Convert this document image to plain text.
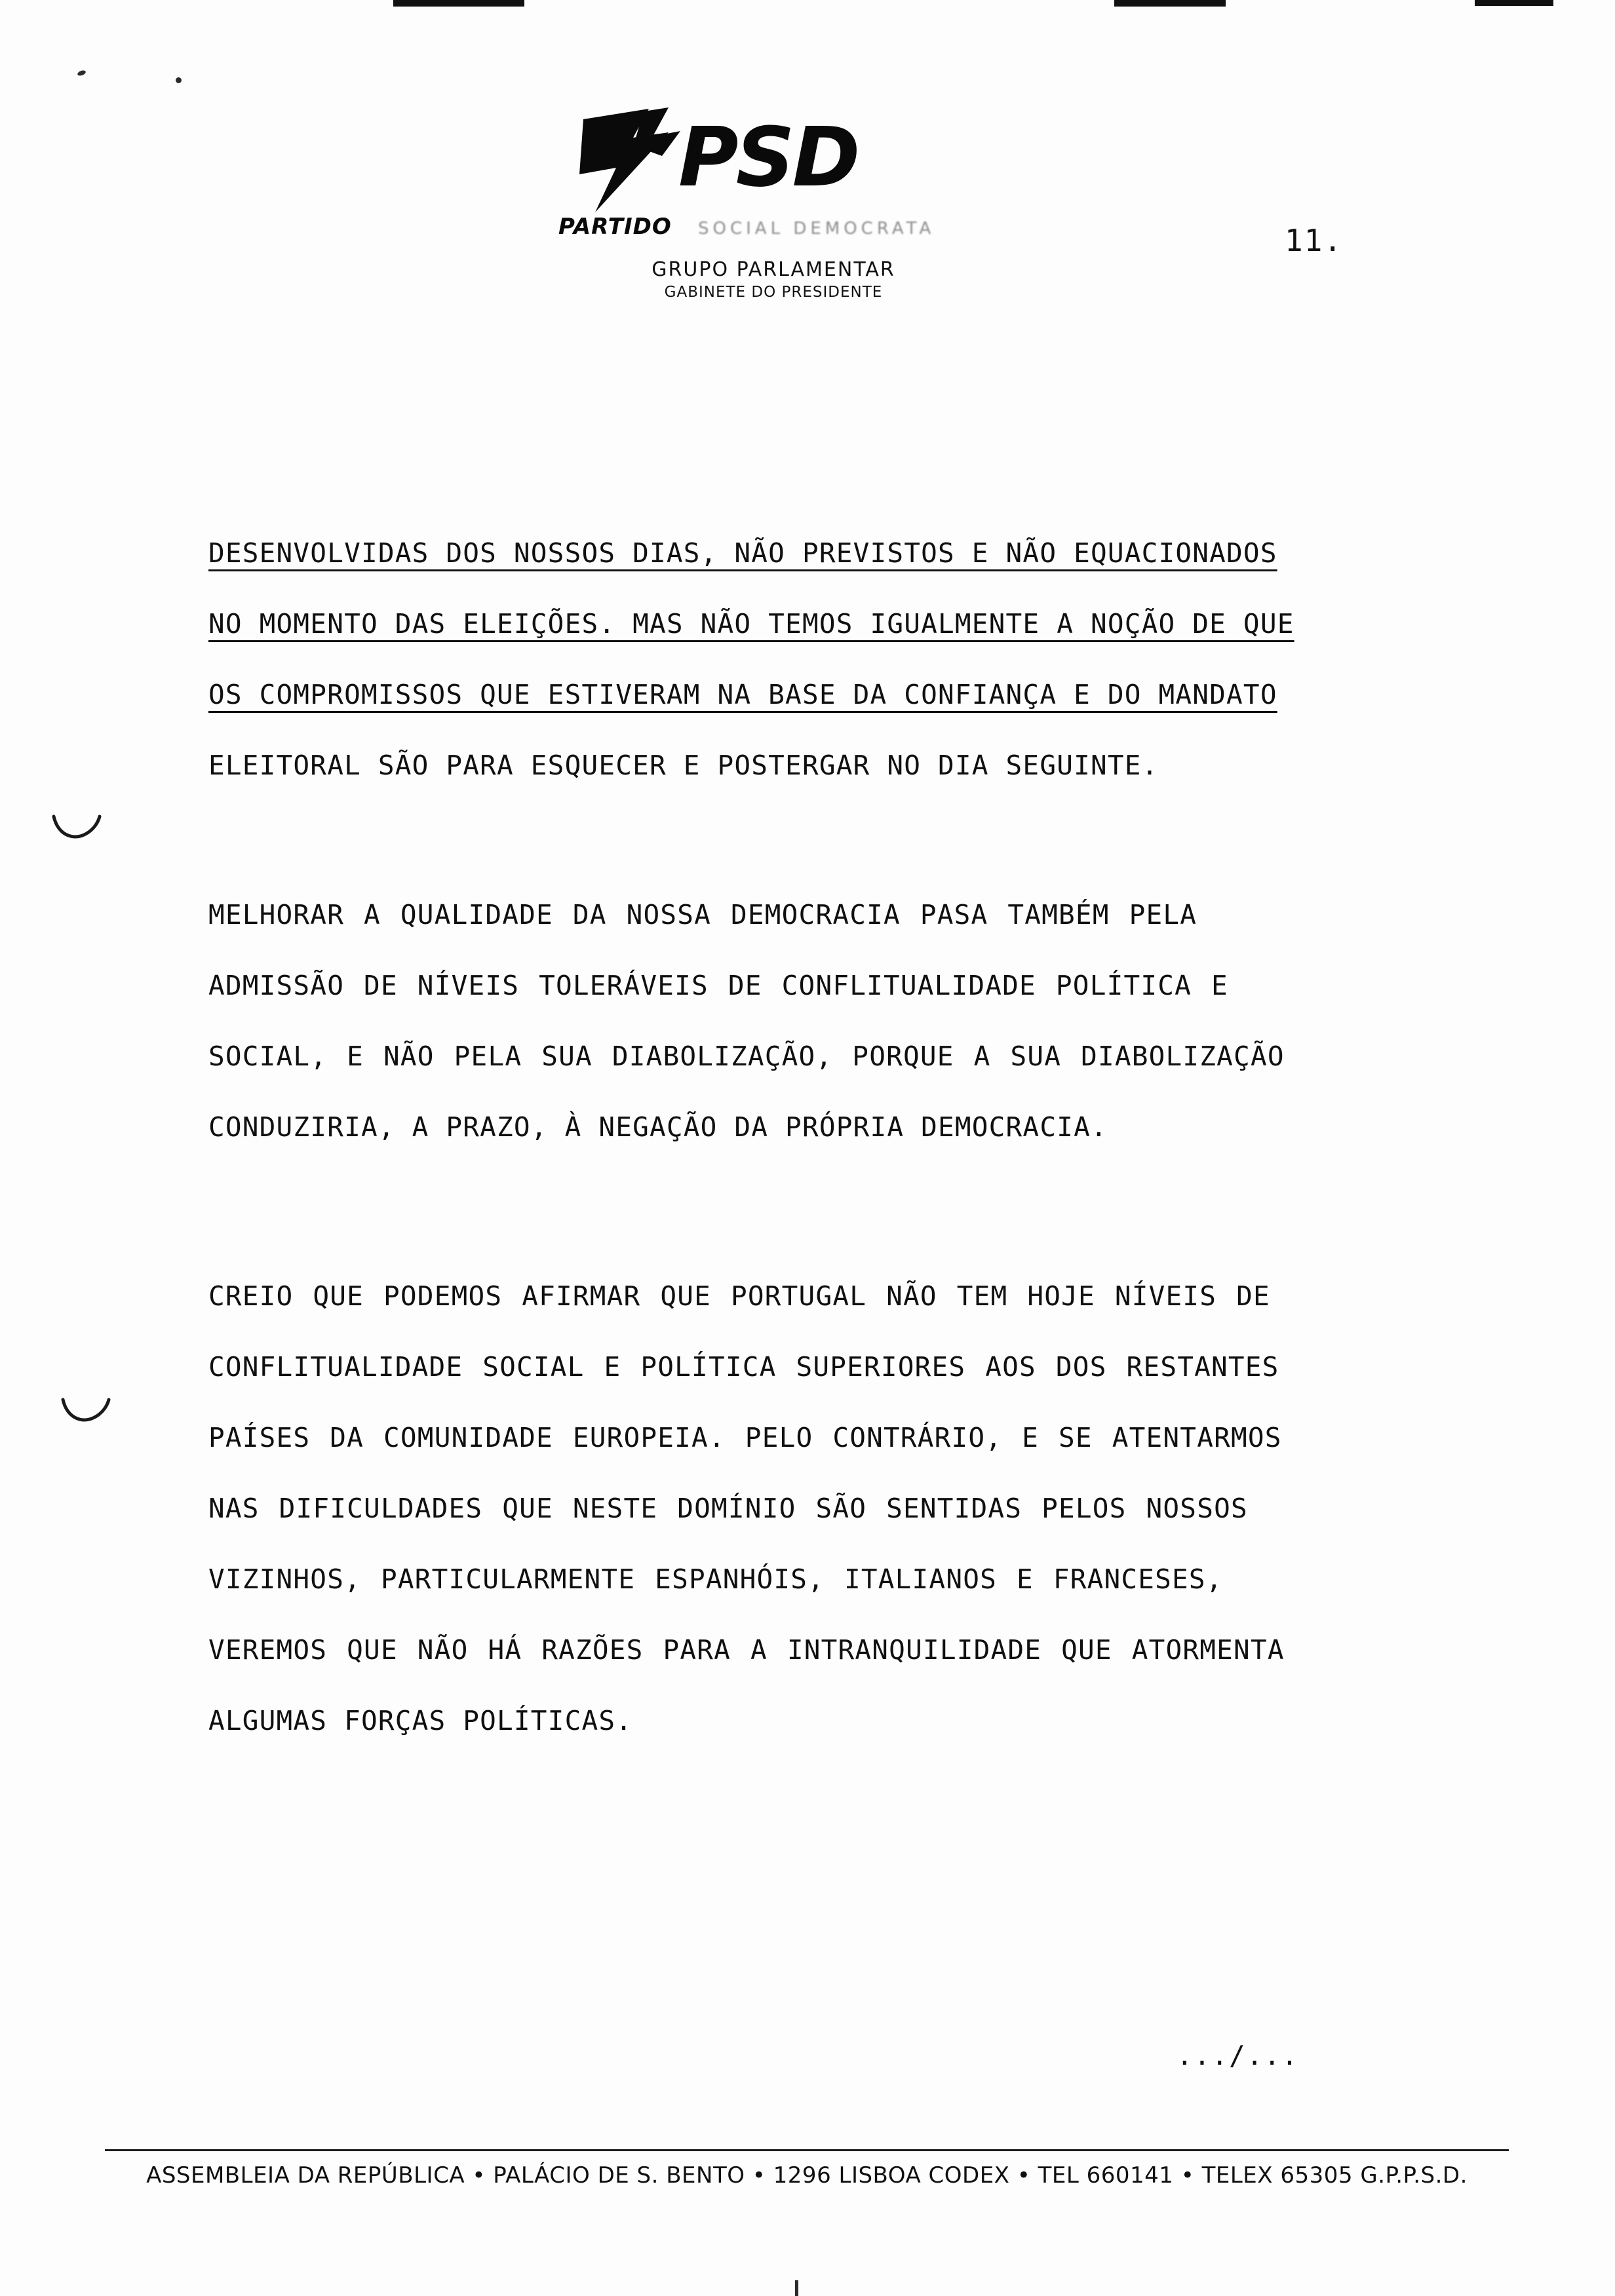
PSD
PARTIDO SOCIAL DEMOCRATA
GRUPO PARLAMENTAR
GABINETE DO PRESIDENTE
11.
DESENVOLVIDAS DOS NOSSOS DIAS, NÃO PREVISTOS E NÃO EQUACIONADOS
NO MOMENTO DAS ELEIÇÕES. MAS NÃO TEMOS IGUALMENTE A NOÇÃO DE QUE
OS COMPROMISSOS QUE ESTIVERAM NA BASE DA CONFIANÇA E DO MANDATO
ELEITORAL SÃO PARA ESQUECER E POSTERGAR NO DIA SEGUINTE.
MELHORAR A QUALIDADE DA NOSSA DEMOCRACIA PASA TAMBÉM PELA
ADMISSÃO DE NÍVEIS TOLERÁVEIS DE CONFLITUALIDADE POLÍTICA E
SOCIAL, E NÃO PELA SUA DIABOLIZAÇÃO, PORQUE A SUA DIABOLIZAÇÃO
CONDUZIRIA, A PRAZO, À NEGAÇÃO DA PRÓPRIA DEMOCRACIA.
CREIO QUE PODEMOS AFIRMAR QUE PORTUGAL NÃO TEM HOJE NÍVEIS DE
CONFLITUALIDADE SOCIAL E POLÍTICA SUPERIORES AOS DOS RESTANTES
PAÍSES DA COMUNIDADE EUROPEIA. PELO CONTRÁRIO, E SE ATENTARMOS
NAS DIFICULDADES QUE NESTE DOMÍNIO SÃO SENTIDAS PELOS NOSSOS
VIZINHOS, PARTICULARMENTE ESPANHÓIS, ITALIANOS E FRANCESES,
VEREMOS QUE NÃO HÁ RAZÕES PARA A INTRANQUILIDADE QUE ATORMENTA
ALGUMAS FORÇAS POLÍTICAS.
.../...
ASSEMBLEIA DA REPÚBLICA • PALÁCIO DE S. BENTO • 1296 LISBOA CODEX • TEL 660141 • TELEX 65305 G.P.P.S.D.
